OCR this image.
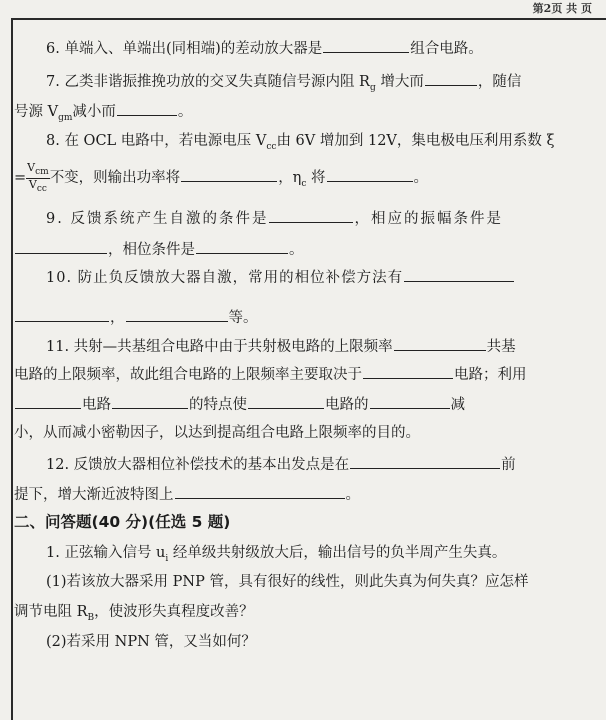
第2页 共 页
6. 单端入、单端出(同相端)的差动放大器是	组合电路。
7. 乙类非谐振推挽功放的交叉失真随信号源内阻 $R_g$ 增大而	，随信
号源 $V_{gm}$减小而	。
8. 在 OCL 电路中，若电源电压 $V_{cc}$由 6V 增加到 12V，集电极电压利用系数 ξ
= $\frac{V_{cm}}{V_{cc}}$ 不变，则输出功率将	，$\eta_c$ 将	。
9. 反馈系统产生自激的条件是	，相应的振幅条件是
，相位条件是	。
10. 防止负反馈放大器自激，常用的相位补偿方法有
，	等。
11. 共射—共基组合电路中由于共射极电路的上限频率	共基
电路的上限频率，故此组合电路的上限频率主要取决于	电路；利用
电路	的特点使	电路的	减
小，从而减小密勒因子，以达到提高组合电路上限频率的目的。
12. 反馈放大器相位补偿技术的基本出发点是在	前
提下，增大渐近波特图上	。
二、问答题(40 分)(任选 5 题)
1. 正弦输入信号 $u_i$ 经单级共射级放大后，输出信号的负半周产生失真。
(1)若该放大器采用 PNP 管，具有很好的线性，则此失真为何失真？应怎样
调节电阻 $R_B$，使波形失真程度改善？
(2)若采用 NPN 管，又当如何？
